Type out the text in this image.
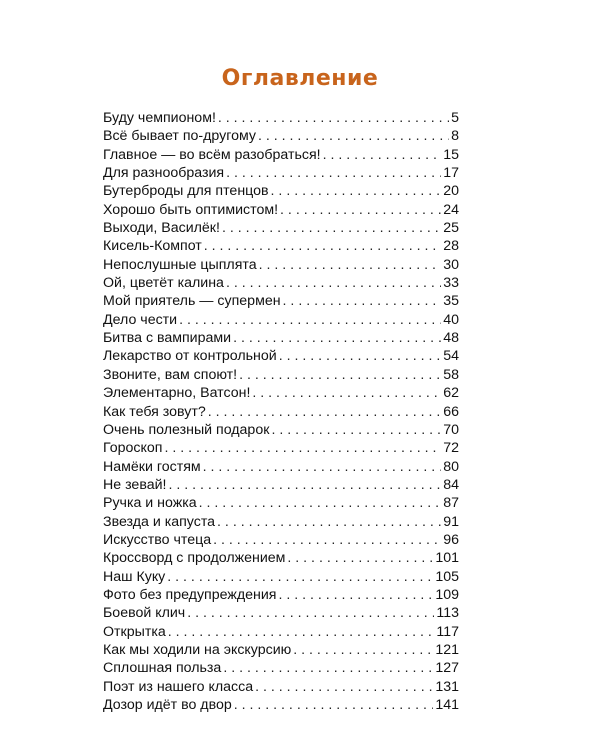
Оглавление
Буду чемпионом! . . .	5
Всё бывает по-другому . . .	8
Главное — во всём разобраться! . . .	15
Для разнообразия . . .	17
Бутерброды для птенцов . . .	20
Хорошо быть оптимистом! . . .	24
Выходи, Василёк! . . .	25
Кисель-Компот . . .	28
Непослушные цыплята . . .	30
Ой, цветёт калина . . .	33
Мой приятель — супермен . . .	35
Дело чести . . .	40
Битва с вампирами . . .	48
Лекарство от контрольной . . .	54
Звоните, вам споют! . . .	58
Элементарно, Ватсон! . . .	62
Как тебя зовут? . . .	66
Очень полезный подарок . . .	70
Гороскоп . . .	72
Намёки гостям . . .	80
Не зевай! . . .	84
Ручка и ножка . . .	87
Звезда и капуста . . .	91
Искусство чтеца . . .	96
Кроссворд с продолжением . . .	101
Наш Куку . . .	105
Фото без предупреждения . . .	109
Боевой клич . . .	113
Открытка . . .	117
Как мы ходили на экскурсию . . .	121
Сплошная польза . . .	127
Поэт из нашего класса . . .	131
Дозор идёт во двор . . .	141
